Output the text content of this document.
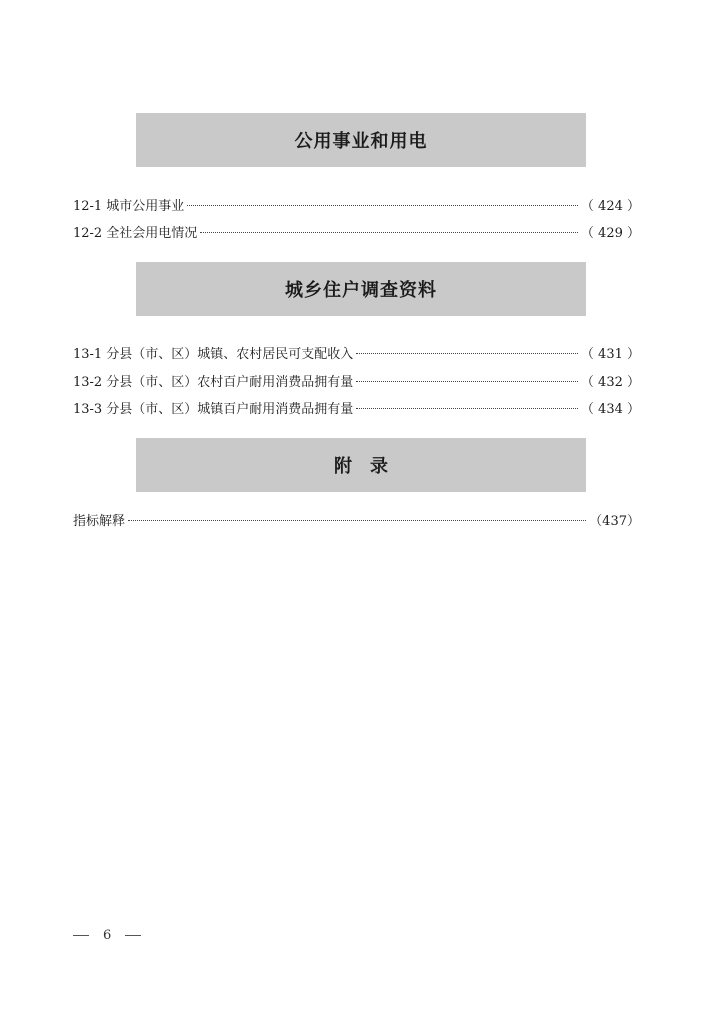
公用事业和用电
12-1 城市公用事业	（ 424 ）
12-2 全社会用电情况	（ 429 ）
城乡住户调查资料
13-1 分县（市、区）城镇、农村居民可支配收入	（ 431 ）
13-2 分县（市、区）农村百户耐用消费品拥有量	（ 432 ）
13-3 分县（市、区）城镇百户耐用消费品拥有量	（ 434 ）
附录
指标解释	（437）
6
